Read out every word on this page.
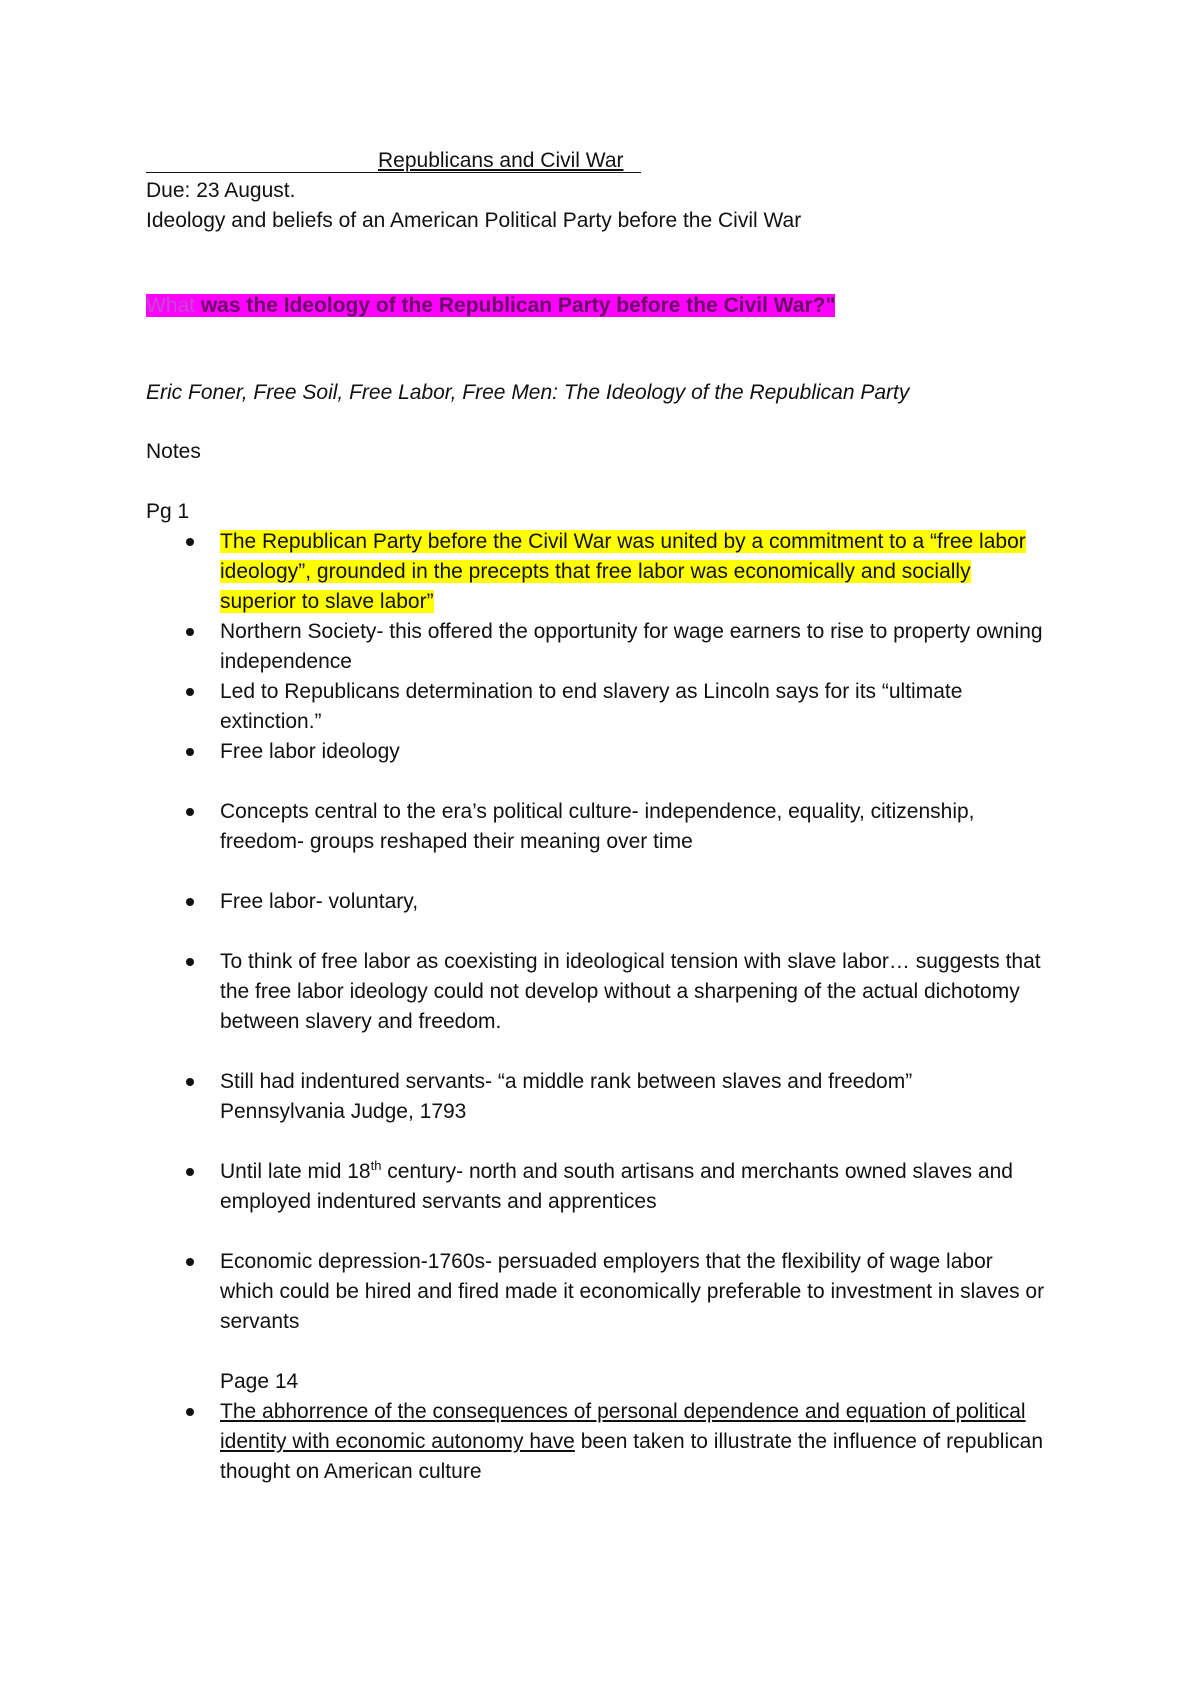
Republicans and Civil War
Due: 23 August.
Ideology and beliefs of an American Political Party before the Civil War
What was the Ideology of the Republican Party before the Civil War?"
Eric Foner, Free Soil, Free Labor, Free Men: The Ideology of the Republican Party
Notes
Pg 1
The Republican Party before the Civil War was united by a commitment to a “free labor ideology”, grounded in the precepts that free labor was economically and socially superior to slave labor”
Northern Society- this offered the opportunity for wage earners to rise to property owning independence
Led to Republicans determination to end slavery as Lincoln says for its “ultimate extinction.”
Free labor ideology
Concepts central to the era’s political culture- independence, equality, citizenship, freedom- groups reshaped their meaning over time
Free labor- voluntary,
To think of free labor as coexisting in ideological tension with slave labor… suggests that the free labor ideology could not develop without a sharpening of the actual dichotomy between slavery and freedom.
Still had indentured servants- “a middle rank between slaves and freedom”
Pennsylvania Judge, 1793
Until late mid 18th century- north and south artisans and merchants owned slaves and employed indentured servants and apprentices
Economic depression-1760s- persuaded employers that the flexibility of wage labor which could be hired and fired made it economically preferable to investment in slaves or servants
Page 14
The abhorrence of the consequences of personal dependence and equation of political identity with economic autonomy have been taken to illustrate the influence of republican thought on American culture
